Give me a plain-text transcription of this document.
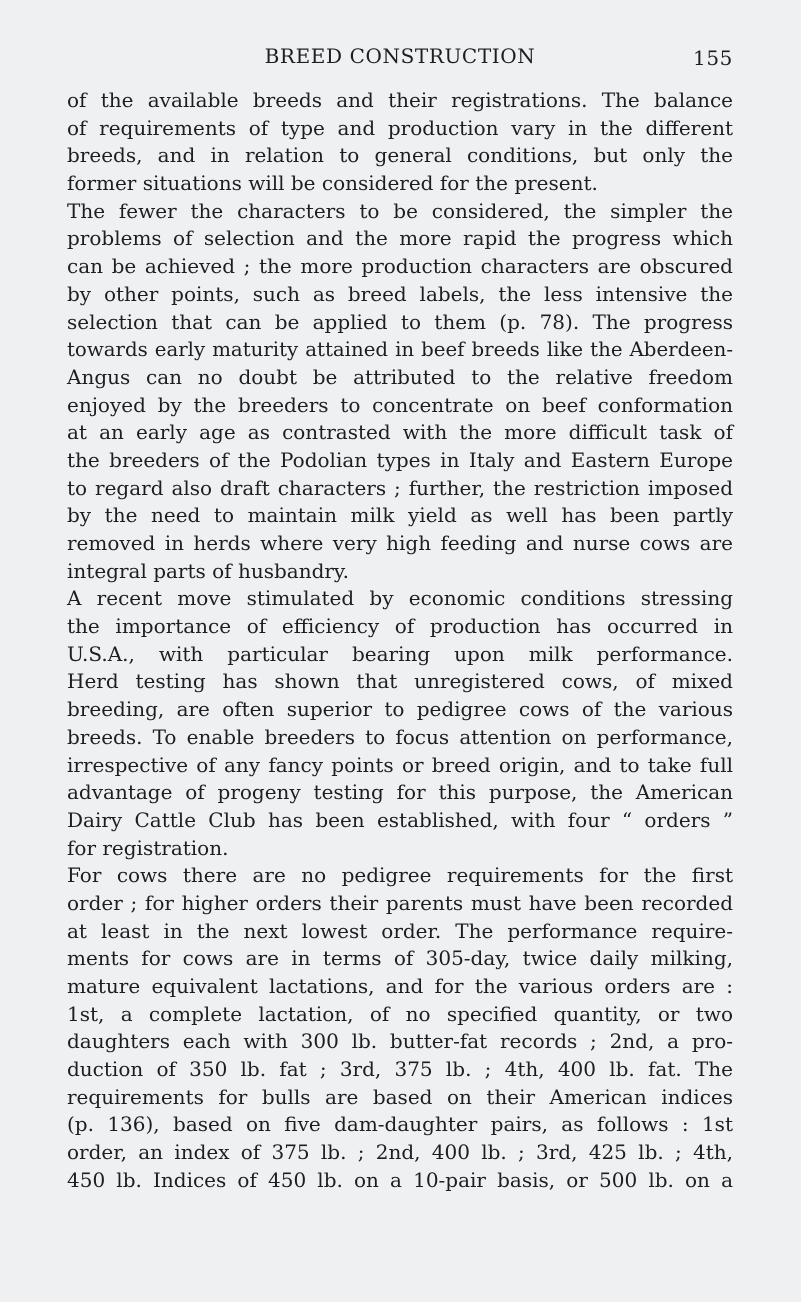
BREED CONSTRUCTION	155
of the available breeds and their registrations. The balance
of requirements of type and production vary in the different
breeds, and in relation to general conditions, but only the
former situations will be considered for the present.
The fewer the characters to be considered, the simpler the
problems of selection and the more rapid the progress which
can be achieved ; the more production characters are obscured
by other points, such as breed labels, the less intensive the
selection that can be applied to them (p. 78). The progress
towards early maturity attained in beef breeds like the Aberdeen-
Angus can no doubt be attributed to the relative freedom
enjoyed by the breeders to concentrate on beef conformation
at an early age as contrasted with the more difficult task of
the breeders of the Podolian types in Italy and Eastern Europe
to regard also draft characters ; further, the restriction imposed
by the need to maintain milk yield as well has been partly
removed in herds where very high feeding and nurse cows are
integral parts of husbandry.
A recent move stimulated by economic conditions stressing
the importance of efficiency of production has occurred in
U.S.A., with particular bearing upon milk performance.
Herd testing has shown that unregistered cows, of mixed
breeding, are often superior to pedigree cows of the various
breeds. To enable breeders to focus attention on performance,
irrespective of any fancy points or breed origin, and to take full
advantage of progeny testing for this purpose, the American
Dairy Cattle Club has been established, with four “ orders ”
for registration.
For cows there are no pedigree requirements for the first
order ; for higher orders their parents must have been recorded
at least in the next lowest order. The performance require-
ments for cows are in terms of 305-day, twice daily milking,
mature equivalent lactations, and for the various orders are :
1st, a complete lactation, of no specified quantity, or two
daughters each with 300 lb. butter-fat records ; 2nd, a pro-
duction of 350 lb. fat ; 3rd, 375 lb. ; 4th, 400 lb. fat. The
requirements for bulls are based on their American indices
(p. 136), based on five dam-daughter pairs, as follows : 1st
order, an index of 375 lb. ; 2nd, 400 lb. ; 3rd, 425 lb. ; 4th,
450 lb. Indices of 450 lb. on a 10-pair basis, or 500 lb. on a
